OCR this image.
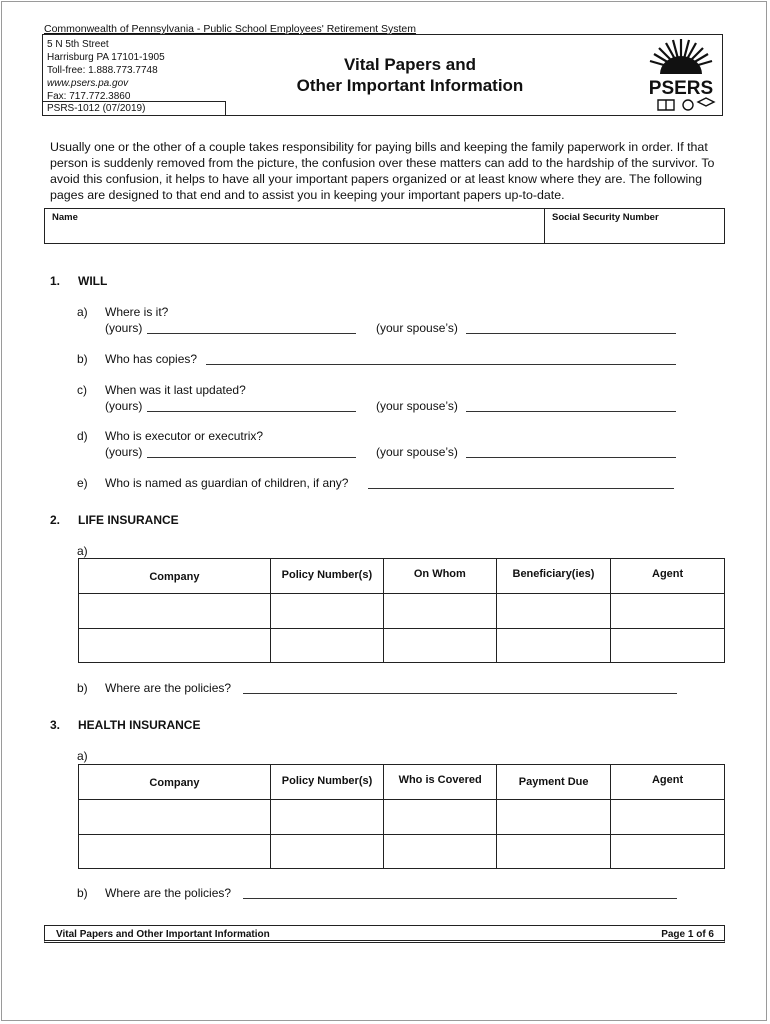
Commonwealth of Pennsylvania - Public School Employees' Retirement System
5 N 5th Street
Harrisburg PA 17101-1905
Toll-free: 1.888.773.7748
www.psers.pa.gov
Fax: 717.772.3860
PSRS-1012 (07/2019)
Vital Papers and
Other Important Information	PSERS
Usually one or the other of a couple takes responsibility for paying bills and keeping the family paperwork in order. If that person is suddenly removed from the picture, the confusion over these matters can add to the hardship of the survivor. To avoid this confusion, it helps to have all your important papers organized or at least know where they are. The following pages are designed to that end and to assist you in keeping your important papers up-to-date.
Name	Social Security Number
1. WILL
a) Where is it?
(yours)	(your spouse’s)
b) Who has copies?
c) When was it last updated?
(yours)	(your spouse’s)
d) Who is executor or executrix?
(yours)	(your spouse’s)
e) Who is named as guardian of children, if any?
2. LIFE INSURANCE
a)
Company	Policy Number(s)	On Whom	Beneficiary(ies)	Agent

b) Where are the policies?
3. HEALTH INSURANCE
a)
Company	Policy Number(s)	Who is Covered	Payment Due	Agent

b) Where are the policies?
Vital Papers and Other Important Information	Page 1 of 6
